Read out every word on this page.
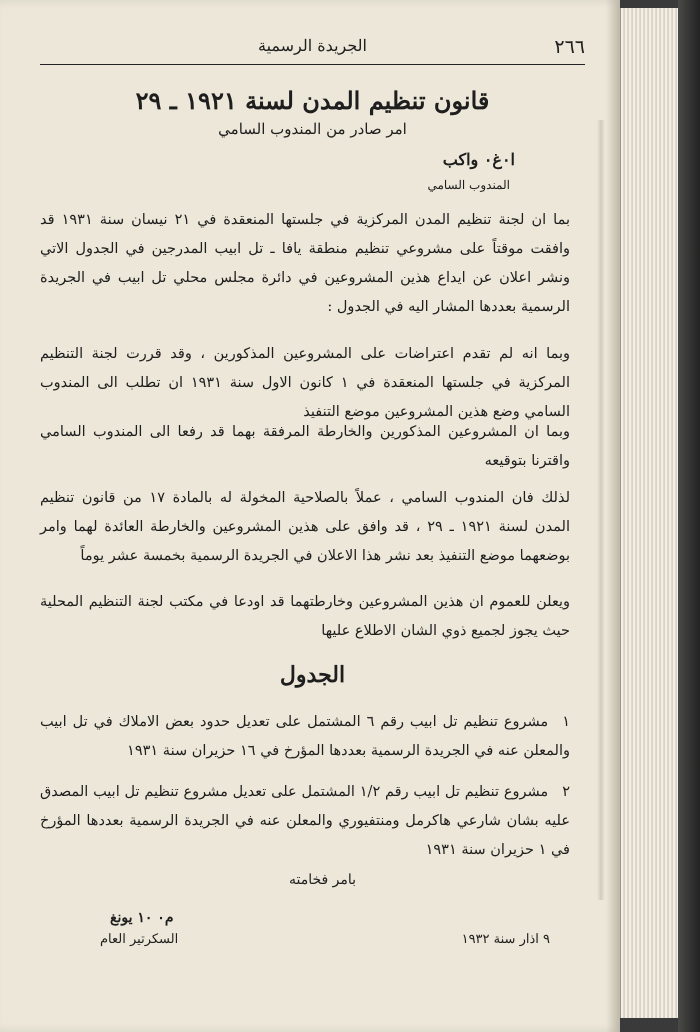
٢٦٦
الجريدة الرسمية
قانون تنظيم المدن لسنة ١٩٢١ ـ ٢٩
امر صادر من المندوب السامي
ا٠غ٠ واكب
المندوب السامي
بما ان لجنة تنظيم المدن المركزية في جلستها المنعقدة في ٢١ نيسان سنة ١٩٣١ قد وافقت موقتاً على مشروعي تنظيم منطقة يافا ـ تل ابيب المدرجين في الجدول الاتي ونشر اعلان عن ايداع هذين المشروعين في دائرة مجلس محلي تل ابيب في الجريدة الرسمية بعددها المشار اليه في الجدول :
وبما انه لم تقدم اعتراضات على المشروعين المذكورين ، وقد قررت لجنة التنظيم المركزية في جلستها المنعقدة في ١ كانون الاول سنة ١٩٣١ ان تطلب الى المندوب السامي وضع هذين المشروعين موضع التنفيذ
وبما ان المشروعين المذكورين والخارطة المرفقة بهما قد رفعا الى المندوب السامي واقترنا بتوقيعه
لذلك فان المندوب السامي ، عملاً بالصلاحية المخولة له بالمادة ١٧ من قانون تنظيم المدن لسنة ١٩٢١ ـ ٢٩ ، قد وافق على هذين المشروعين والخارطة العائدة لهما وامر بوضعهما موضع التنفيذ بعد نشر هذا الاعلان في الجريدة الرسمية بخمسة عشر يوماً
ويعلن للعموم ان هذين المشروعين وخارطتهما قد اودعا في مكتب لجنة التنظيم المحلية حيث يجوز لجميع ذوي الشان الاطلاع عليها
الجدول
١مشروع تنظيم تل ابيب رقم ٦ المشتمل على تعديل حدود بعض الاملاك في تل ابيب والمعلن عنه في الجريدة الرسمية بعددها المؤرخ في ١٦ حزيران سنة ١٩٣١
٢مشروع تنظيم تل ابيب رقم ١/٢ المشتمل على تعديل مشروع تنظيم تل ابيب المصدق عليه بشان شارعي هاكرمل ومنتفيوري والمعلن عنه في الجريدة الرسمية بعددها المؤرخ في ١ حزيران سنة ١٩٣١
بامر فخامته
٩ اذار سنة ١٩٣٢
م٠ ١٠ يونغ
السكرتير العام
